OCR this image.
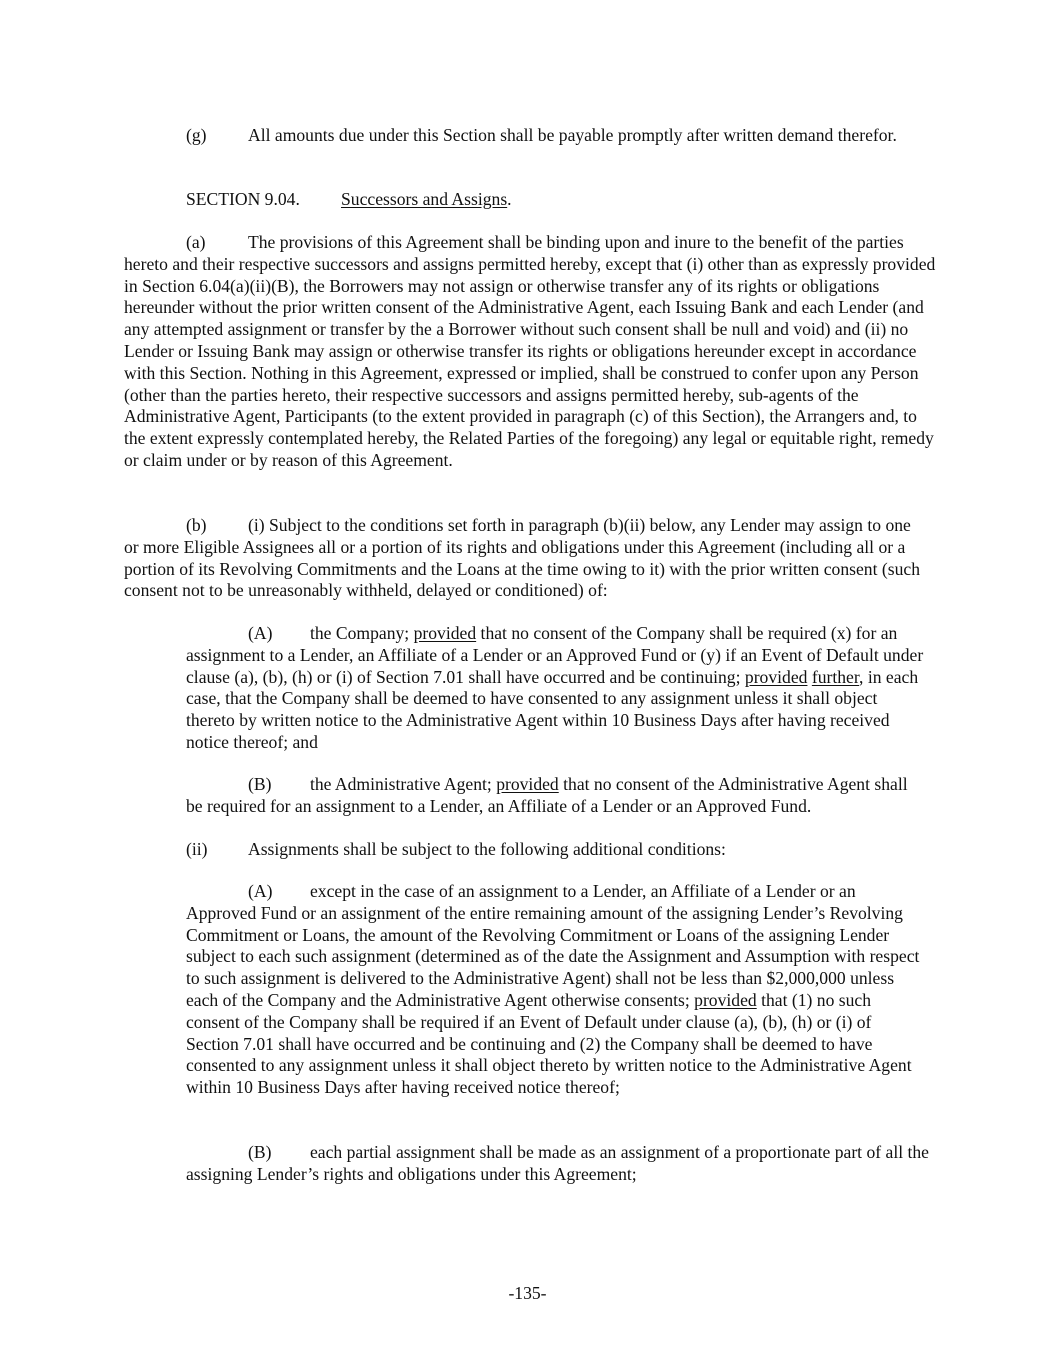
(g) All amounts due under this Section shall be payable promptly after written demand therefor.

SECTION 9.04. Successors and Assigns.

(a) The provisions of this Agreement shall be binding upon and inure to the benefit of the parties hereto and their respective successors and assigns permitted hereby, except that (i) other than as expressly provided in Section 6.04(a)(ii)(B), the Borrowers may not assign or otherwise transfer any of its rights or obligations hereunder without the prior written consent of the Administrative Agent, each Issuing Bank and each Lender (and any attempted assignment or transfer by the a Borrower without such consent shall be null and void) and (ii) no Lender or Issuing Bank may assign or otherwise transfer its rights or obligations hereunder except in accordance with this Section. Nothing in this Agreement, expressed or implied, shall be construed to confer upon any Person (other than the parties hereto, their respective successors and assigns permitted hereby, sub-agents of the Administrative Agent, Participants (to the extent provided in paragraph (c) of this Section), the Arrangers and, to the extent expressly contemplated hereby, the Related Parties of the foregoing) any legal or equitable right, remedy or claim under or by reason of this Agreement.

(b) (i) Subject to the conditions set forth in paragraph (b)(ii) below, any Lender may assign to one or more Eligible Assignees all or a portion of its rights and obligations under this Agreement (including all or a portion of its Revolving Commitments and the Loans at the time owing to it) with the prior written consent (such consent not to be unreasonably withheld, delayed or conditioned) of:

(A) the Company; provided that no consent of the Company shall be required (x) for an assignment to a Lender, an Affiliate of a Lender or an Approved Fund or (y) if an Event of Default under clause (a), (b), (h) or (i) of Section 7.01 shall have occurred and be continuing; provided further, in each case, that the Company shall be deemed to have consented to any assignment unless it shall object thereto by written notice to the Administrative Agent within 10 Business Days after having received notice thereof; and

(B) the Administrative Agent; provided that no consent of the Administrative Agent shall be required for an assignment to a Lender, an Affiliate of a Lender or an Approved Fund.

(ii) Assignments shall be subject to the following additional conditions:

(A) except in the case of an assignment to a Lender, an Affiliate of a Lender or an Approved Fund or an assignment of the entire remaining amount of the assigning Lender’s Revolving Commitment or Loans, the amount of the Revolving Commitment or Loans of the assigning Lender subject to each such assignment (determined as of the date the Assignment and Assumption with respect to such assignment is delivered to the Administrative Agent) shall not be less than $2,000,000 unless each of the Company and the Administrative Agent otherwise consents; provided that (1) no such consent of the Company shall be required if an Event of Default under clause (a), (b), (h) or (i) of Section 7.01 shall have occurred and be continuing and (2) the Company shall be deemed to have consented to any assignment unless it shall object thereto by written notice to the Administrative Agent within 10 Business Days after having received notice thereof;

(B) each partial assignment shall be made as an assignment of a proportionate part of all the assigning Lender’s rights and obligations under this Agreement;

-135-
